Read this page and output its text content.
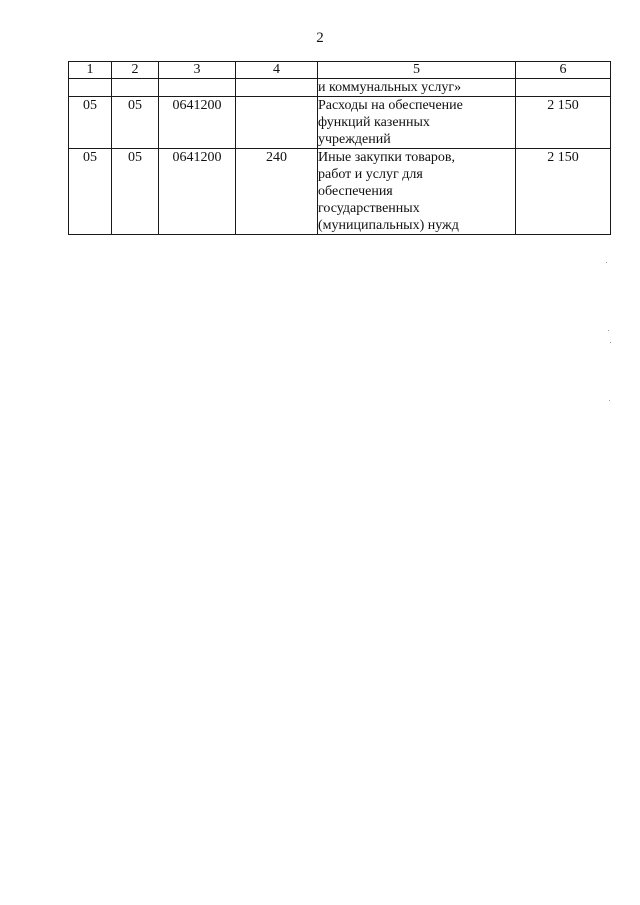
2
1	2	3	4	5	6
				и коммунальных услуг»	
05	05	0641200		Расходы на обеспечение
функций казенных
учреждений	2 150
05	05	0641200	240	Иные закупки товаров,
работ и услуг для
обеспечения
государственных
(муниципальных) нужд	2 150
